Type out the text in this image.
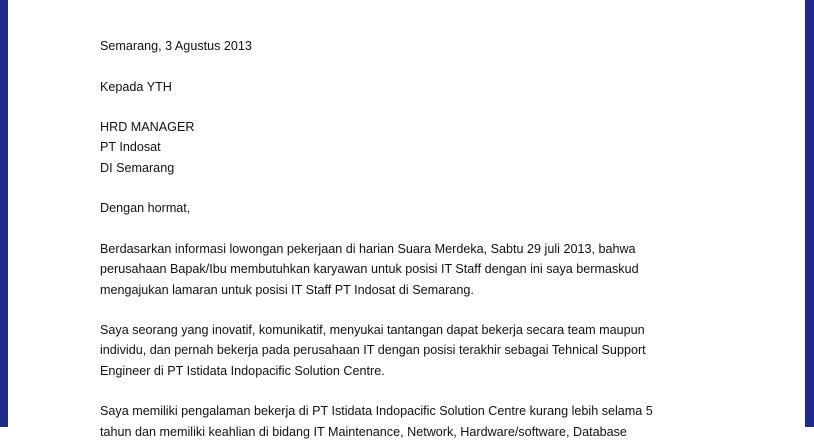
Semarang, 3 Agustus 2013
Kepada YTH
HRD MANAGER
PT Indosat
DI Semarang
Dengan hormat,
Berdasarkan informasi lowongan pekerjaan di harian Suara Merdeka, Sabtu 29 juli 2013, bahwa
perusahaan Bapak/Ibu membutuhkan karyawan untuk posisi IT Staff dengan ini saya bermaskud
mengajukan lamaran untuk posisi IT Staff PT Indosat di Semarang.
Saya seorang yang inovatif, komunikatif, menyukai tantangan dapat bekerja secara team maupun
individu, dan pernah bekerja pada perusahaan IT dengan posisi terakhir sebagai Tehnical Support
Engineer di PT Istidata Indopacific Solution Centre.
Saya memiliki pengalaman bekerja di PT Istidata Indopacific Solution Centre kurang lebih selama 5
tahun dan memiliki keahlian di bidang IT Maintenance, Network, Hardware/software, Database
